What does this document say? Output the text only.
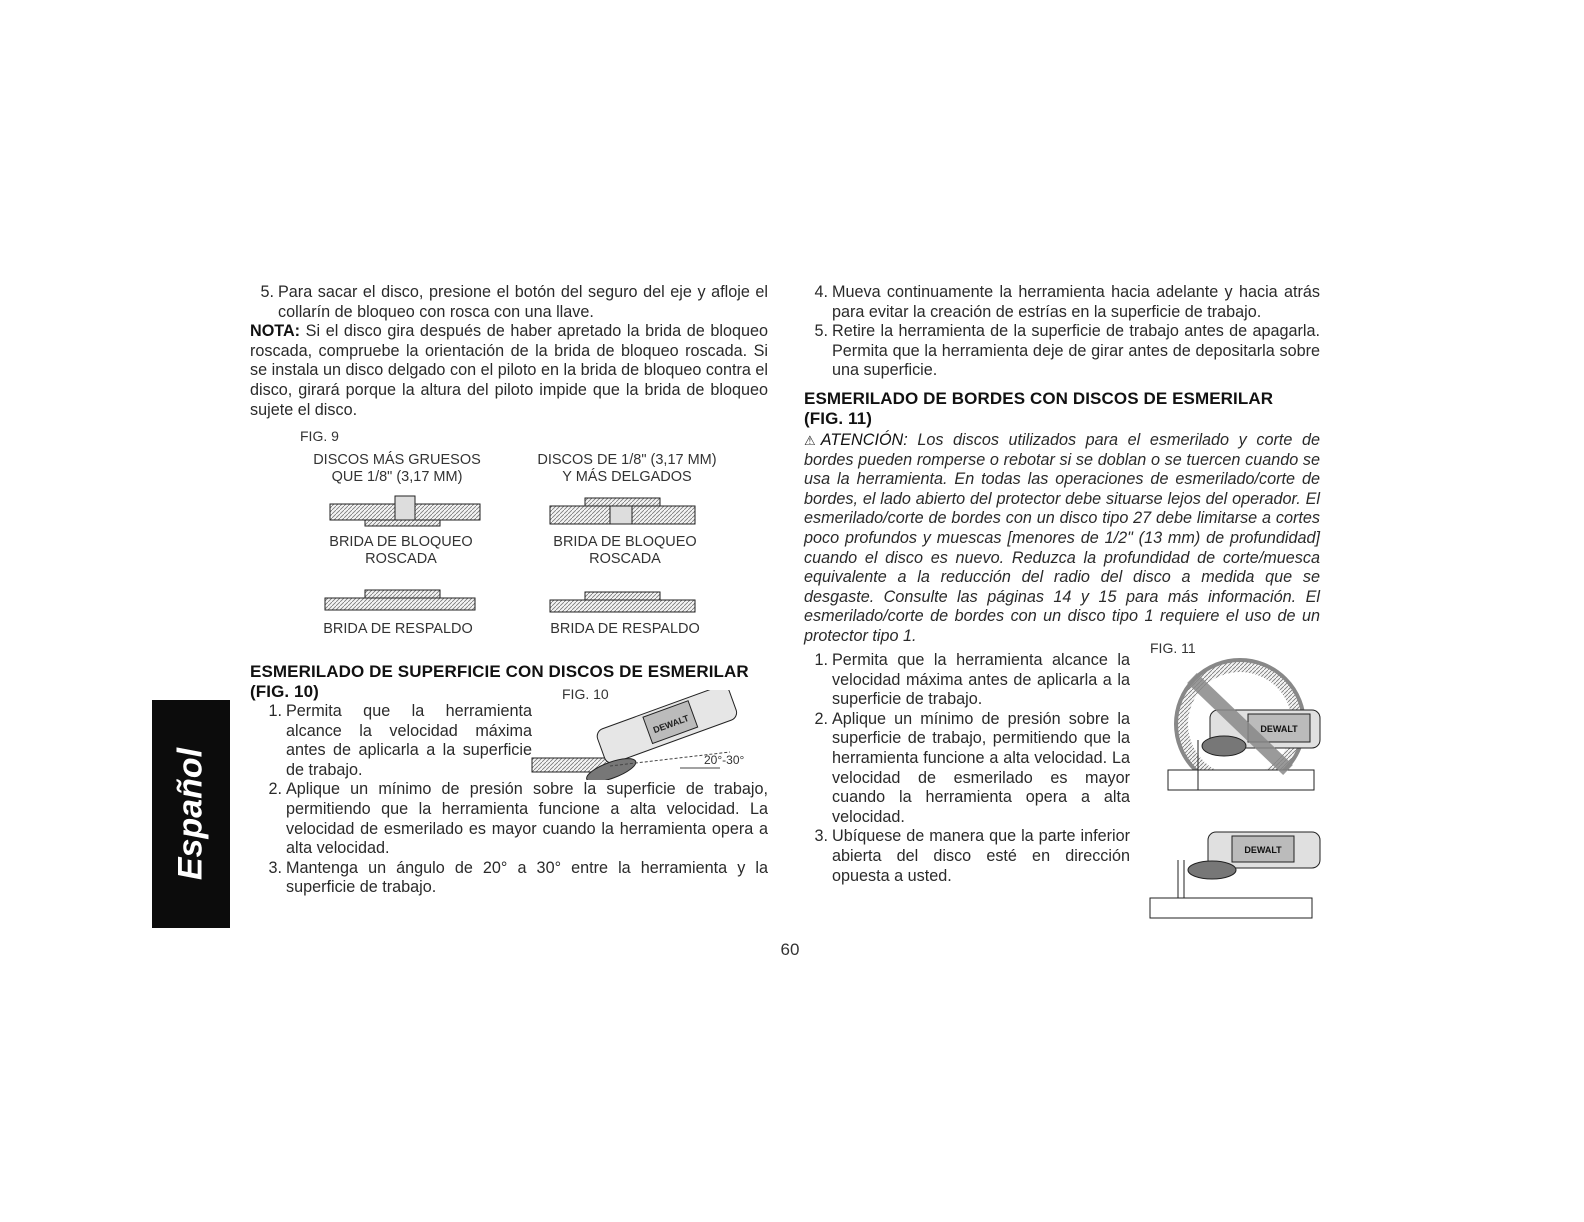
Español
5. Para sacar el disco, presione el botón del seguro del eje y afloje el collarín de bloqueo con rosca con una llave.

NOTA: Si el disco gira después de haber apretado la brida de bloqueo roscada, compruebe la orientación de la brida de bloqueo roscada. Si se instala un disco delgado con el piloto en la brida de bloqueo contra el disco, girará porque la altura del piloto impide que la brida de bloqueo sujete el disco.

FIG. 9
DISCOS MÁS GRUESOS
QUE 1/8" (3,17 MM)
DISCOS DE 1/8" (3,17 MM)
Y MÁS DELGADOS
BRIDA DE BLOQUEO
ROSCADA
BRIDA DE BLOQUEO
ROSCADA
BRIDA DE RESPALDO	BRIDA DE RESPALDO
ESMERILADO DE SUPERFICIE CON DISCOS DE ESMERILAR
(FIG. 10)	FIG. 10
DEWALT
20°-30°
1. Permita que la herramienta alcance la velocidad máxima antes de aplicarla a la superficie de trabajo.
2. Aplique un mínimo de presión sobre la superficie de trabajo, permitiendo que la herramienta funcione a alta velocidad. La velocidad de esmerilado es mayor cuando la herramienta opera a alta velocidad.
3. Mantenga un ángulo de 20° a 30° entre la herramienta y la superficie de trabajo.
4. Mueva continuamente la herramienta hacia adelante y hacia atrás para evitar la creación de estrías en la superficie de trabajo.
5. Retire la herramienta de la superficie de trabajo antes de apagarla. Permita que la herramienta deje de girar antes de depositarla sobre una superficie.
ESMERILADO DE BORDES CON DISCOS DE ESMERILAR
(FIG. 11)
⚠ATENCIÓN: Los discos utilizados para el esmerilado y corte de bordes pueden romperse o rebotar si se doblan o se tuercen cuando se usa la herramienta. En todas las operaciones de esmerilado/corte de bordes, el lado abierto del protector debe situarse lejos del operador. El esmerilado/corte de bordes con un disco tipo 27 debe limitarse a cortes poco profundos y muescas [menores de 1/2" (13 mm) de profundidad] cuando el disco es nuevo. Reduzca la profundidad de corte/muesca equivalente a la reducción del radio del disco a medida que se desgaste. Consulte las páginas 14 y 15 para más información. El esmerilado/corte de bordes con un disco tipo 1 requiere el uso de un protector tipo 1.
FIG. 11
1. Permita que la herramienta alcance la velocidad máxima antes de aplicarla a la superficie de trabajo.
2. Aplique un mínimo de presión sobre la superficie de trabajo, permitiendo que la herramienta funcione a alta velocidad. La velocidad de esmerilado es mayor cuando la herramienta opera a alta velocidad.
3. Ubíquese de manera que la parte inferior abierta del disco esté en dirección opuesta a usted.
DEWALT
DEWALT
60
